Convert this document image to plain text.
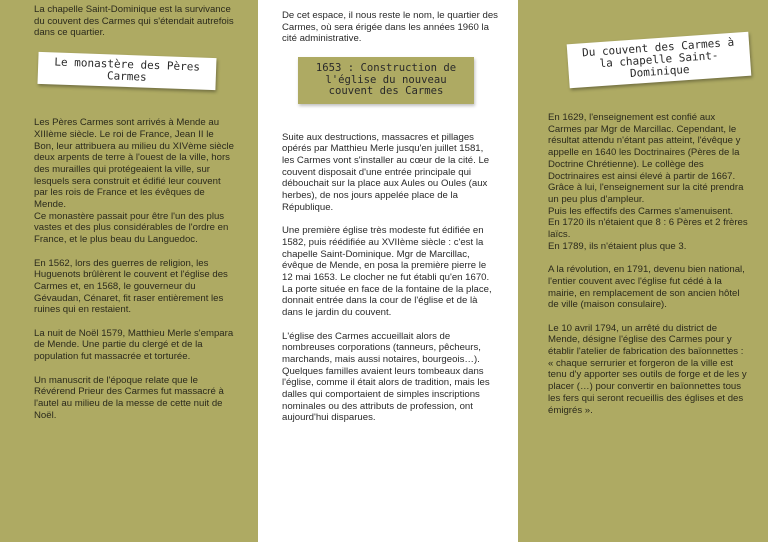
La chapelle Saint-Dominique est la survivance du couvent des Carmes qui s'étendait autrefois dans ce quartier.

Le monastère des Pères Carmes

Les Pères Carmes sont arrivés à Mende au XIIIème siècle. Le roi de France, Jean II le Bon, leur attribuera au milieu du XIVème siècle deux arpents de terre à l'ouest de la ville, hors des murailles qui protégeaient la ville, sur lesquels sera construit et édifié leur couvent par les rois de France et les évêques de Mende.
Ce monastère passait pour être l'un des plus vastes et des plus considérables de l'ordre en France, et le plus beau du Languedoc.

En 1562, lors des guerres de religion, les Huguenots brûlèrent le couvent et l'église des Carmes et, en 1568, le gouverneur du Gévaudan, Cénaret, fit raser entièrement les ruines qui en restaient.

La nuit de Noël 1579, Matthieu Merle s'empara de Mende. Une partie du clergé et de la population fut massacrée et torturée.

Un manuscrit de l'époque relate que le Révérend Prieur des Carmes fut massacré à l'autel au milieu de la messe de cette nuit de Noël.

De cet espace, il nous reste le nom, le quartier des Carmes, où sera érigée dans les années 1960 la cité administrative.

1653 : Construction de l'église du nouveau couvent des Carmes

Suite aux destructions, massacres et pillages opérés par Matthieu Merle jusqu'en juillet 1581, les Carmes vont s'installer au cœur de la cité. Le couvent disposait d'une entrée principale qui débouchait sur la place aux Aules ou Oules (aux herbes), de nos jours appelée place de la République.

Une première église très modeste fut édifiée en 1582, puis réédifiée au XVIIème siècle : c'est la chapelle Saint-Dominique. Mgr de Marcillac, évêque de Mende, en posa la première pierre le 12 mai 1653. Le clocher ne fut établi qu'en 1670. La porte située en face de la fontaine de la place, donnait entrée dans la cour de l'église et de là dans le jardin du couvent.

L'église des Carmes accueillait alors de nombreuses corporations (tanneurs, pêcheurs, marchands, mais aussi notaires, bourgeois…). Quelques familles avaient leurs tombeaux dans l'église, comme il était alors de tradition, mais les dalles qui comportaient de simples inscriptions nominales ou des attributs de profession, ont aujourd'hui disparues.

Du couvent des Carmes à la chapelle Saint-Dominique

En 1629, l'enseignement est confié aux Carmes par Mgr de Marcillac. Cependant, le résultat attendu n'étant pas atteint, l'évêque y appelle en 1640 les Doctrinaires (Pères de la Doctrine Chrétienne). Le collège des Doctrinaires est ainsi élevé à partir de 1667.
Grâce à lui, l'enseignement sur la cité prendra un peu plus d'ampleur.
Puis les effectifs des Carmes s'amenuisent.
En 1720 ils n'étaient que 8 : 6 Pères et 2 frères laïcs.
En 1789, ils n'étaient plus que 3.

A la révolution, en 1791, devenu bien national, l'entier couvent avec l'église fut cédé à la mairie, en remplacement de son ancien hôtel de ville (maison consulaire).

Le 10 avril 1794, un arrêté du district de Mende, désigne l'église des Carmes pour y établir l'atelier de fabrication des baïonnettes : « chaque serrurier et forgeron de la ville est tenu d'y apporter ses outils de forge et de les y placer (…) pour convertir en baïonnettes tous les fers qui seront recueillis des églises et des émigrés ».
